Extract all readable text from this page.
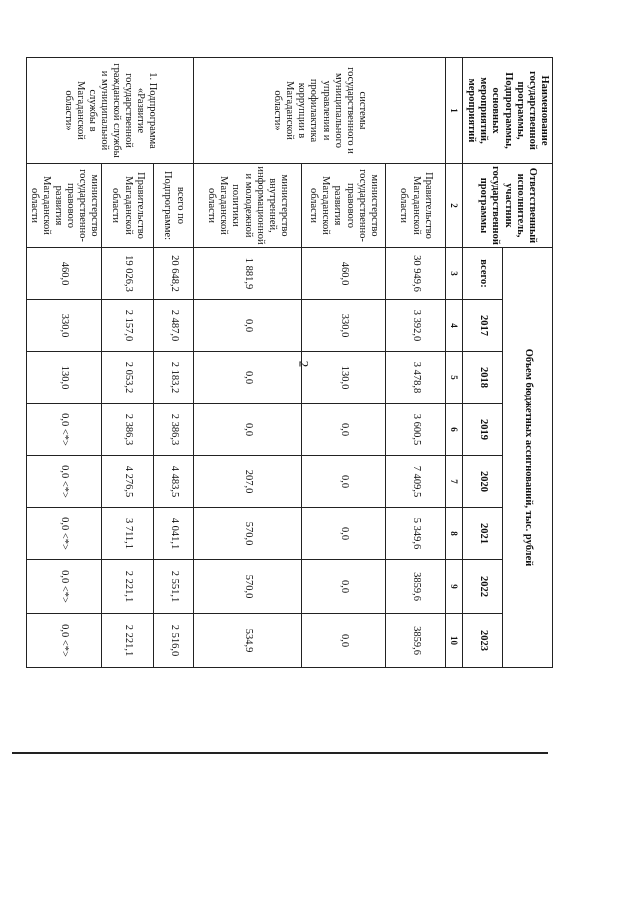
2
Наименование государственной программы, Подпрограммы, основных мероприятий, мероприятий	Ответственный исполнитель, участник государственной программы	Объем бюджетных ассигнований, тыс. рублей							
		всего:	2017	2018	2019	2020	2021	2022	2023
1	2	3	4	5	6	7	8	9	10
системы государственного и муниципального управления и профилактика коррупции в Магаданской области»	Правительство Магаданской области	30 949,6	3 392,0	3 478,8	3 600,5	7 409,5	5 349,6	3859,6	3859,6
	министерство государственно-правового развития Магаданской области	460,0	330,0	130,0	0,0	0,0	0,0	0,0	0,0
	министерство внутренней, информационной и молодежной политики Магаданской области	1 881,9	0,0	0,0	0,0	207,0	570,0	570,0	534,9
1. Подпрограмма «Развитие государственной гражданской службы и муниципальной службы в Магаданской области»	всего по Подпрограмме:	20 648,2	2 487,0	2 183,2	2 386,3	4 483,5	4 041,1	2 551,1	2 516,0
	Правительство Магаданской области	19 026,3	2 157,0	2 053,2	2 386,3	4 276,5	3 711,1	2 221,1	2 221,1
	министерство государственно-правового развития Магаданской области	460,0	330,0	130,0	0,0 <*>	0,0 <*>	0,0 <*>	0,0 <*>	0,0 <*>
